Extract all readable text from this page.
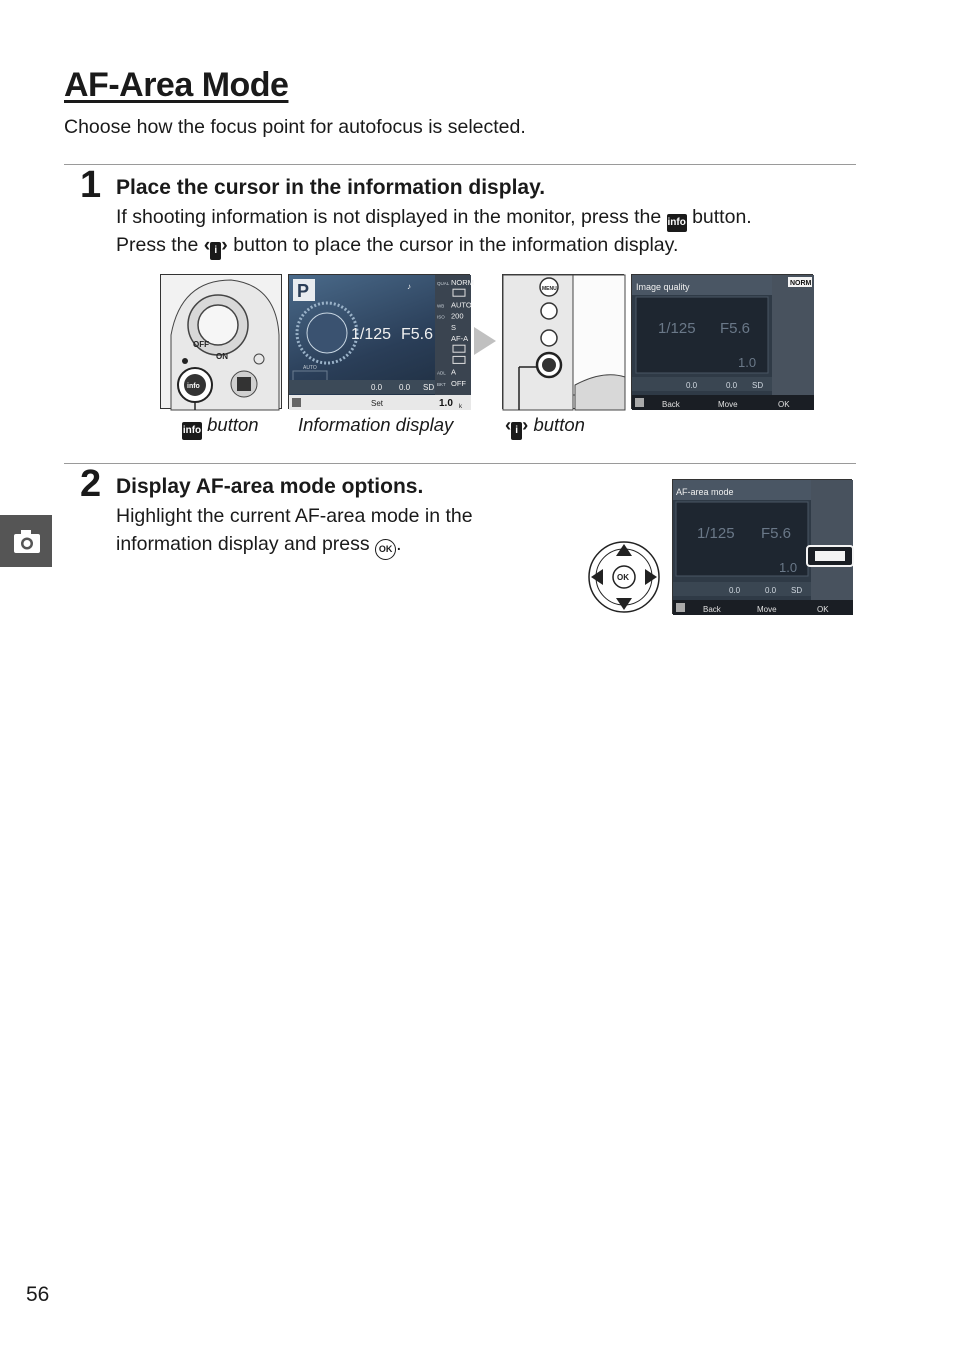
AF-Area Mode
Choose how the focus point for autofocus is selected.
1 Place the cursor in the information display.
If shooting information is not displayed in the monitor, press the info button.
Press the ‹ i › button to place the cursor in the information display.
OFF
ON
info
P
1/125 F5.6
AUTO
0.0 0.0 SD
Set	1.0 k
QUAL NORM
WB AUTO
ISO 200
S
AF-A
ADL A
BKT OFF
♪	MENU	Image quality
1/125 F5.6
1.0
0.0	0.0 SD
Back	Move	OK
NORM
info button Information display	‹ i › button
2 Display AF-area mode options.
Highlight the current AF-area mode in the
information display and press OK .
OK
AF-area mode
1/125 F5.6
1.0
0.0	0.0 SD
Back	Move	OK
56
